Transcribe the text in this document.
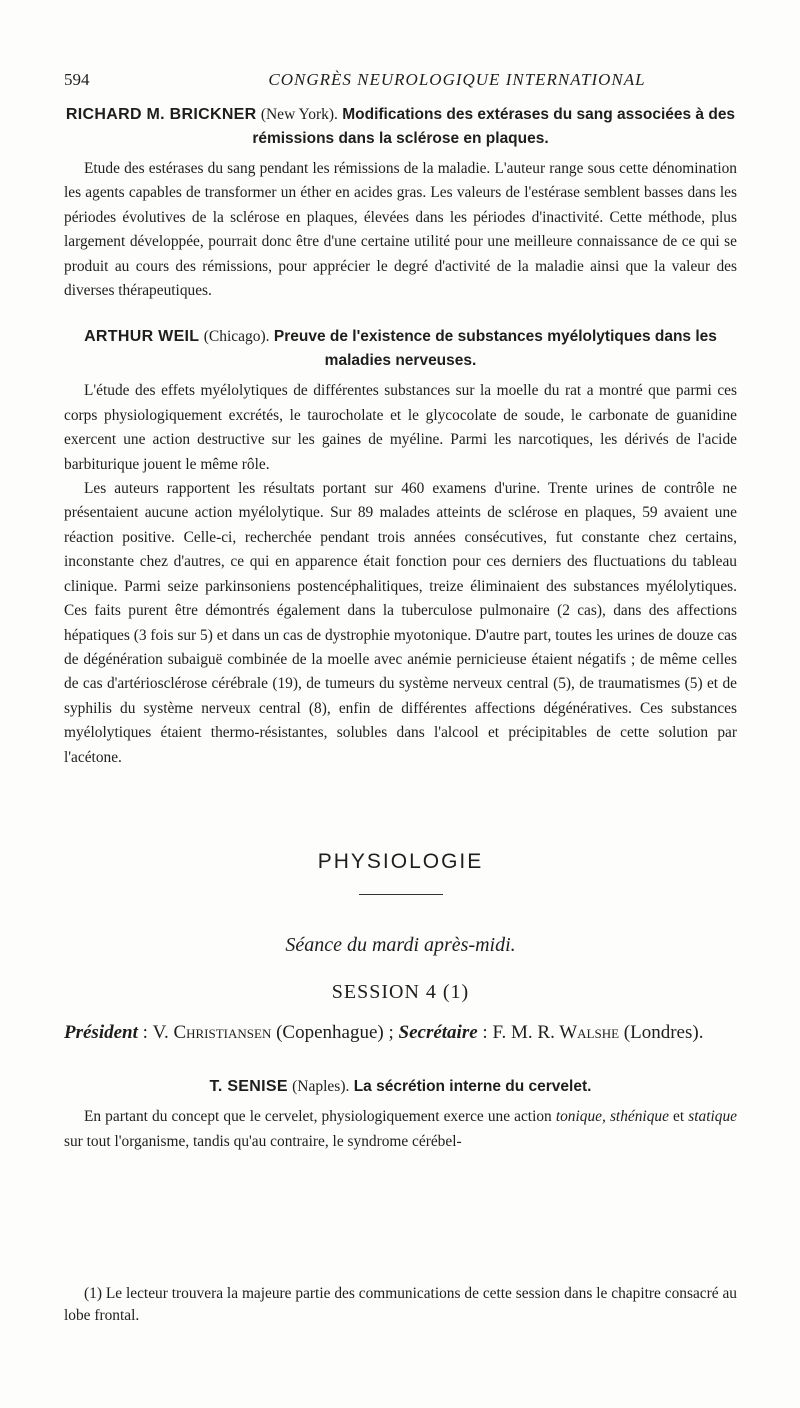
594	CONGRÈS NEUROLOGIQUE INTERNATIONAL
RICHARD M. BRICKNER (New York). Modifications des extérases du sang associées à des rémissions dans la sclérose en plaques.

Etude des estérases du sang pendant les rémissions de la maladie. L'auteur range sous cette dénomination les agents capables de transformer un éther en acides gras. Les valeurs de l'estérase semblent basses dans les périodes évolutives de la sclérose en plaques, élevées dans les périodes d'inactivité. Cette méthode, plus largement développée, pourrait donc être d'une certaine utilité pour une meilleure connaissance de ce qui se produit au cours des rémissions, pour apprécier le degré d'activité de la maladie ainsi que la valeur des diverses thérapeutiques.

ARTHUR WEIL (Chicago). Preuve de l'existence de substances myélolytiques dans les maladies nerveuses.

L'étude des effets myélolytiques de différentes substances sur la moelle du rat a montré que parmi ces corps physiologiquement excrétés, le taurocholate et le glycocolate de soude, le carbonate de guanidine exercent une action destructive sur les gaines de myéline. Parmi les narcotiques, les dérivés de l'acide barbiturique jouent le même rôle.

Les auteurs rapportent les résultats portant sur 460 examens d'urine. Trente urines de contrôle ne présentaient aucune action myélolytique. Sur 89 malades atteints de sclérose en plaques, 59 avaient une réaction positive. Celle-ci, recherchée pendant trois années consécutives, fut constante chez certains, inconstante chez d'autres, ce qui en apparence était fonction pour ces derniers des fluctuations du tableau clinique. Parmi seize parkinsoniens postencéphalitiques, treize éliminaient des substances myélolytiques. Ces faits purent être démontrés également dans la tuberculose pulmonaire (2 cas), dans des affections hépatiques (3 fois sur 5) et dans un cas de dystrophie myotonique. D'autre part, toutes les urines de douze cas de dégénération subaiguë combinée de la moelle avec anémie pernicieuse étaient négatifs ; de même celles de cas d'artériosclérose cérébrale (19), de tumeurs du système nerveux central (5), de traumatismes (5) et de syphilis du système nerveux central (8), enfin de différentes affections dégénératives. Ces substances myélolytiques étaient thermo-résistantes, solubles dans l'alcool et précipitables de cette solution par l'acétone.

PHYSIOLOGIE
Séance du mardi après-midi.
SESSION 4 (1)
Président : V. Christiansen (Copenhague) ; Secrétaire : F. M. R. Walshe (Londres).
T. SENISE (Naples). La sécrétion interne du cervelet.

En partant du concept que le cervelet, physiologiquement exerce une action tonique, sthénique et statique sur tout l'organisme, tandis qu'au contraire, le syndrome cérébel-

(1) Le lecteur trouvera la majeure partie des communications de cette session dans le chapitre consacré au lobe frontal.
